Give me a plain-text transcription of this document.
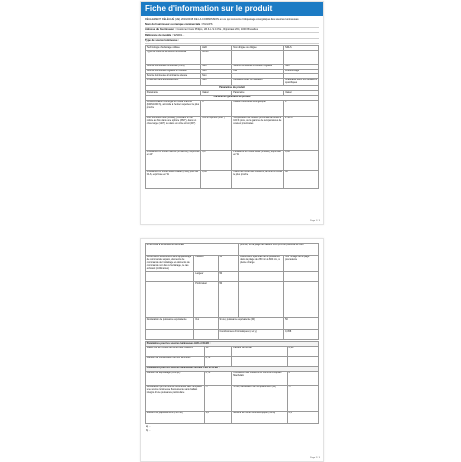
Fiche d'information sur le produit
RÈGLEMENT DÉLÉGUÉ (UE) 2019/2015 DE LA COMMISSION en ce qui concerne l'étiquetage énergétique des sources lumineuses
Nom du fournisseur ou marque commerciale : PHILIPS
Adresse du fournisseur : Customer Care Philips, LB & L.S.C.P.E., Rijnstraat 264, 1000 Bruxelles
Référence du modèle : 929001...
Type de source lumineuse :
Technologie d'éclairage utilisée	LED	Non dirigée ou dirigée	NDLS
Type de culot de la source lumineuse	GU10		
Source lumineuse connectée (CLS)	Non	Source lumineuse à couleur réglable	Non
Source lumineuse réglable en couleur	Non	Cla	Fractionnage
Source lumineuse à luminance élevée	Non		
Protection anti-éblouissement	Non	Utilisation avec un variateur	Graduable avec les variateurs spécifiques
Paramètres du produit			
Paramètre	Valeur	Paramètre	Valeur
Paramètres généraux du produit			
Consommation d'énergie en mode marche (kWh/1000 h), arrondie à l'entier supérieur le plus proche	4	Classe d'efficacité énergétique	F
Flux lumineux utile (Φutile), précisant s'il se réfère au flux dans une sphère (360°), dans un cône large (120°) ou dans un cône étroit (90°)	355 en sphère (360°)	Température de couleur proximale arrondie à 100 K près, ou la gamme de températures de couleur proximales	2700 K
Puissance en mode marche (Pmarche), exprimée en W	4,0	Puissance en mode veille (Pveille), exprimée en W	0,00
Puissance en mode veille réseau (Pnet) pour les CLS, exprimée en W	0,00	Indice de rendu des couleurs, arrondi à l'entier le plus proche	80
Page 1 / 3
et arrondie à la deuxième décimale			proche, ou la plage de valeurs ICR qu'il est possible de fixer	
Dimensions extérieures sans appareillage de commande séparé, éléments de commande de l'éclairage et éléments de commande non liés à l'éclairage, le cas échéant (millimètres)	Hauteur	50	Distribution spectrale de la puissance dans la plage de 250 nm à 800 nm, à pleine charge	Voir l'image de la page précédente
	Largeur	50		
	Profondeur	50		
Déclaration de puissance équivalente	Oui	Si oui, puissance équivalente (W)		50
		Coordonnées chromatiques (x et y)		0,458
Paramètres pour les sources lumineuses LED et OLED :			
Valeur R9 de l'indice de rendu des couleurs	19	Facteur de survie	0,90
Facteur de conservation du flux lumineux	0,70		
Paramètres pour les sources lumineuses secteur LED et OLED :			
Facteur de déphasage (cos φ1)	0,70	Constance des couleurs en nombre d'ellipses MacAdam	6
Déclaration qu'une source lumineuse LED remplace une source lumineuse fluorescente sans ballast intégré d'une puissance particulière	—	Si oui, déclaration de remplacement (W)	—
Mesure du papillotement (Pst LM)	1,0	Mesure de l'effet stroboscopique (SVM)	0,4
a) ...
b) ...
Page 2 / 3
